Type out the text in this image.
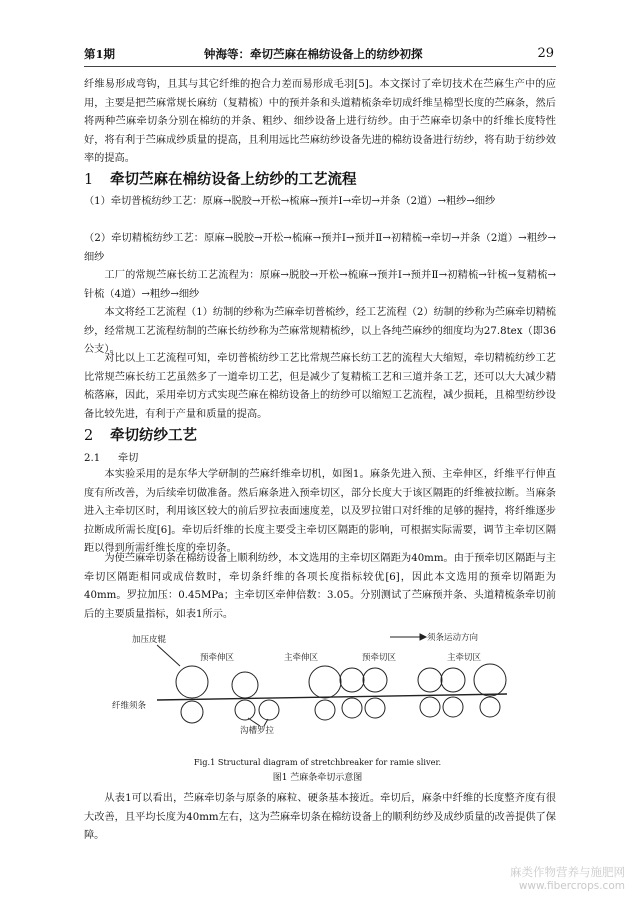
第1期	钟海等：牵切苎麻在棉纺设备上的纺纱初探	29
纤维易形成弯钩，且其与其它纤维的抱合力差而易形成毛羽[5]。本文探讨了牵切技术在苎麻生产中的应用，主要是把苎麻常规长麻纺（复精梳）中的预并条和头道精梳条牵切成纤维呈棉型长度的苎麻条，然后将两种苎麻牵切条分别在棉纺的并条、粗纱、细纱设备上进行纺纱。由于苎麻牵切条中的纤维长度特性好，将有利于苎麻成纱质量的提高，且利用远比苎麻纺纱设备先进的棉纺设备进行纺纱，将有助于纺纱效率的提高。
1 牵切苎麻在棉纺设备上纺纱的工艺流程
（1）牵切普梳纺纱工艺：原麻→脱胶→开松→梳麻→预并Ⅰ→牵切→并条（2道）→粗纱→细纱
（2）牵切精梳纺纱工艺：原麻→脱胶→开松→梳麻→预并Ⅰ→预并Ⅱ→初精梳→牵切→并条（2道）→粗纱→细纱
工厂的常规苎麻长纺工艺流程为：原麻→脱胶→开松→梳麻→预并Ⅰ→预并Ⅱ→初精梳→针梳→复精梳→针梳（4道）→粗纱→细纱
本文将经工艺流程（1）纺制的纱称为苎麻牵切普梳纱，经工艺流程（2）纺制的纱称为苎麻牵切精梳纱，经常规工艺流程纺制的苎麻长纺纱称为苎麻常规精梳纱，以上各纯苎麻纱的细度均为27.8tex（即36公支）。
对比以上工艺流程可知，牵切普梳纺纱工艺比常规苎麻长纺工艺的流程大大缩短，牵切精梳纺纱工艺比常规苎麻长纺工艺虽然多了一道牵切工艺，但是减少了复精梳工艺和三道并条工艺，还可以大大减少精梳落麻，因此，采用牵切方式实现苎麻在棉纺设备上的纺纱可以缩短工艺流程，减少损耗，且棉型纺纱设备比较先进，有利于产量和质量的提高。
2 牵切纺纱工艺
2.1 牵切
本实验采用的是东华大学研制的苎麻纤维牵切机，如图1。麻条先进入预、主牵伸区，纤维平行伸直度有所改善，为后续牵切做准备。然后麻条进入预牵切区，部分长度大于该区隔距的纤维被拉断。当麻条进入主牵切区时，利用该区较大的前后罗拉表面速度差，以及罗拉钳口对纤维的足够的握持，将纤维逐步拉断成所需长度[6]。牵切后纤维的长度主要受主牵切区隔距的影响，可根据实际需要，调节主牵切区隔距以得到所需纤维长度的牵切条。
为使苎麻牵切条在棉纺设备上顺利纺纱，本文选用的主牵切区隔距为40mm。由于预牵切区隔距与主牵切区隔距相同或成倍数时，牵切条纤维的各项长度指标较优[6]，因此本文选用的预牵切隔距为40mm。罗拉加压：0.45MPa；主牵切区牵伸倍数：3.05。分别测试了苎麻预并条、头道精梳条牵切前后的主要质量指标，如表1所示。
加压皮辊	须条运动方向
预牵伸区	主牵伸区	预牵切区	主牵切区
纤维须条
沟槽罗拉
Fig.1 Structural diagram of stretchbreaker for ramie sliver.
图1 苎麻条牵切示意图
从表1可以看出，苎麻牵切条与原条的麻粒、硬条基本接近。牵切后，麻条中纤维的长度整齐度有很大改善，且平均长度为40mm左右，这为苎麻牵切条在棉纺设备上的顺利纺纱及成纱质量的改善提供了保障。
麻类作物营养与施肥网
www.fibercrops.com
